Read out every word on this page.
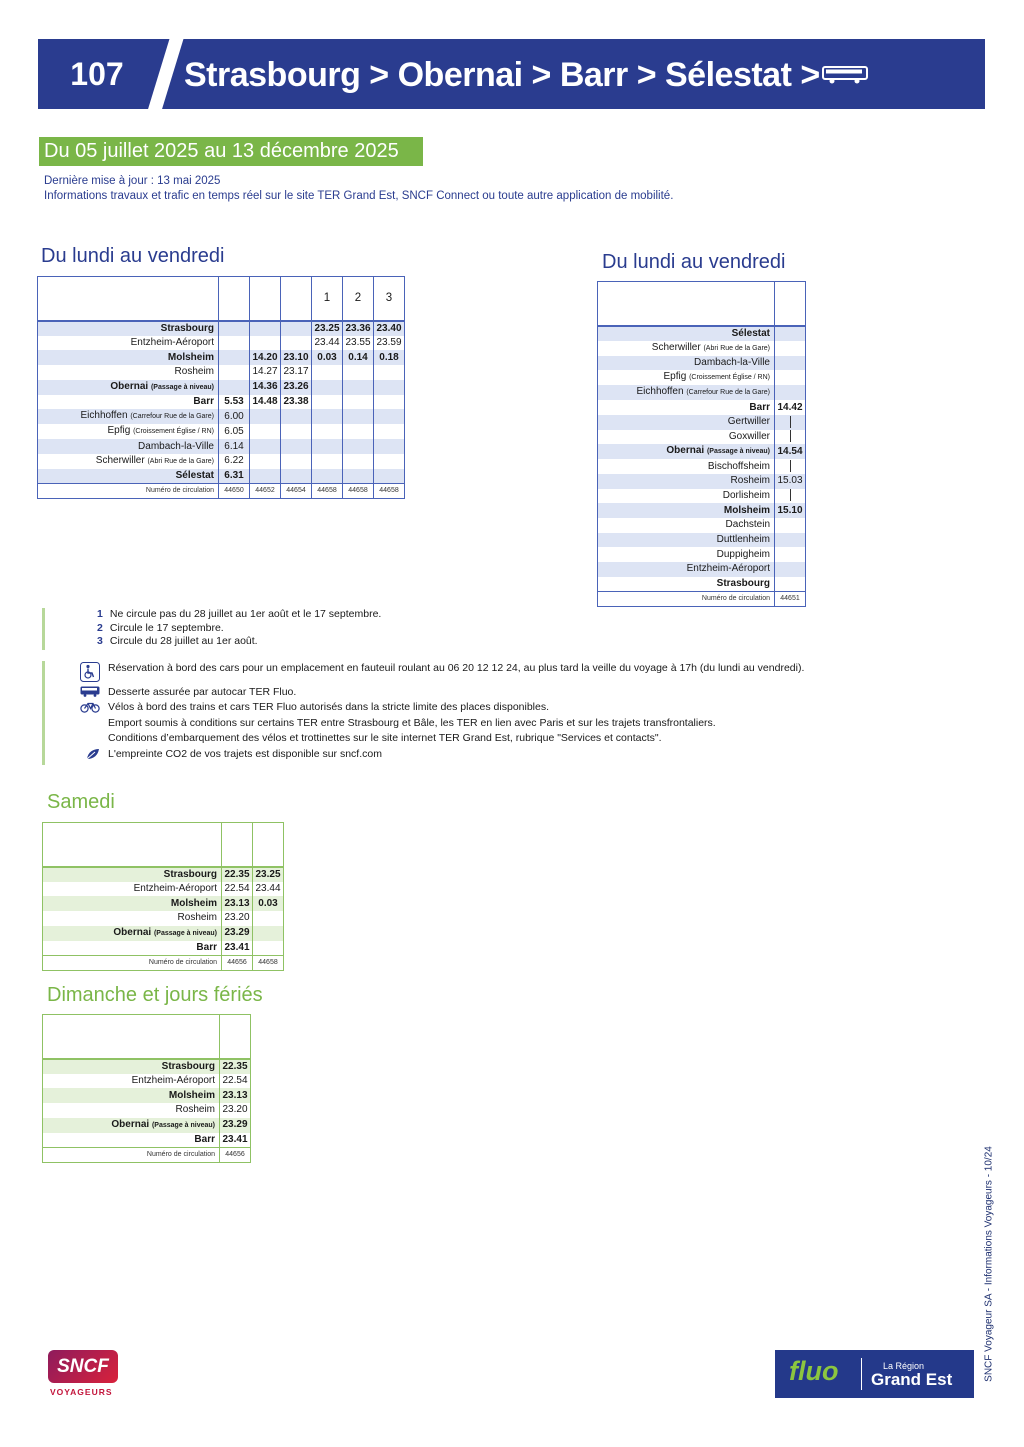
107	Strasbourg > Obernai > Barr > Sélestat >
Du 05 juillet 2025 au 13 décembre 2025
Dernière mise à jour : 13 mai 2025
Informations travaux et trafic en temps réel sur le site TER Grand Est, SNCF Connect ou toute autre application de mobilité.
Du lundi au vendredi
				1	2	3
Strasbourg				23.25	23.36	23.40
Entzheim-Aéroport				23.44	23.55	23.59
Molsheim		14.20	23.10	0.03	0.14	0.18
Rosheim		14.27	23.17			
Obernai (Passage à niveau)		14.36	23.26			
Barr	5.53	14.48	23.38			
Eichhoffen (Carrefour Rue de la Gare)	6.00					
Epfig (Croissement Église / RN)	6.05					
Dambach-la-Ville	6.14					
Scherwiller (Abri Rue de la Gare)	6.22					
Sélestat	6.31					
Numéro de circulation	44650	44652	44654	44658	44658	44658
Du lundi au vendredi

Sélestat	
Scherwiller (Abri Rue de la Gare)	
Dambach-la-Ville	
Epfig (Croissement Église / RN)	
Eichhoffen (Carrefour Rue de la Gare)	
Barr	14.42
Gertwiller	
Goxwiller	
Obernai (Passage à niveau)	14.54
Bischoffsheim	
Rosheim	15.03
Dorlisheim	
Molsheim	15.10
Dachstein	
Duttlenheim	
Duppigheim	
Entzheim-Aéroport	
Strasbourg	
Numéro de circulation	44651
1 Ne circule pas du 28 juillet au 1er août et le 17 septembre.
2 Circule le 17 septembre.
3 Circule du 28 juillet au 1er août.
Réservation à bord des cars pour un emplacement en fauteuil roulant au 06 20 12 12 24, au plus tard la veille du voyage à 17h (du lundi au vendredi).
Desserte assurée par autocar TER Fluo.
Vélos à bord des trains et cars TER Fluo autorisés dans la stricte limite des places disponibles.
Emport soumis à conditions sur certains TER entre Strasbourg et Bâle, les TER en lien avec Paris et sur les trajets transfrontaliers.
Conditions d’embarquement des vélos et trottinettes sur le site internet TER Grand Est, rubrique "Services et contacts".
L'empreinte CO2 de vos trajets est disponible sur sncf.com
Samedi

Strasbourg	22.35	23.25
Entzheim-Aéroport	22.54	23.44
Molsheim	23.13	0.03
Rosheim	23.20	
Obernai (Passage à niveau)	23.29	
Barr	23.41	
Numéro de circulation	44656	44658
Dimanche et jours fériés

Strasbourg	22.35
Entzheim-Aéroport	22.54
Molsheim	23.13
Rosheim	23.20
Obernai (Passage à niveau)	23.29
Barr	23.41
Numéro de circulation	44656	SNCF Voyageur SA - Informations Voyageurs - 10/24
SNCF
VOYAGEURS
fluo	La Région
Grand Est
